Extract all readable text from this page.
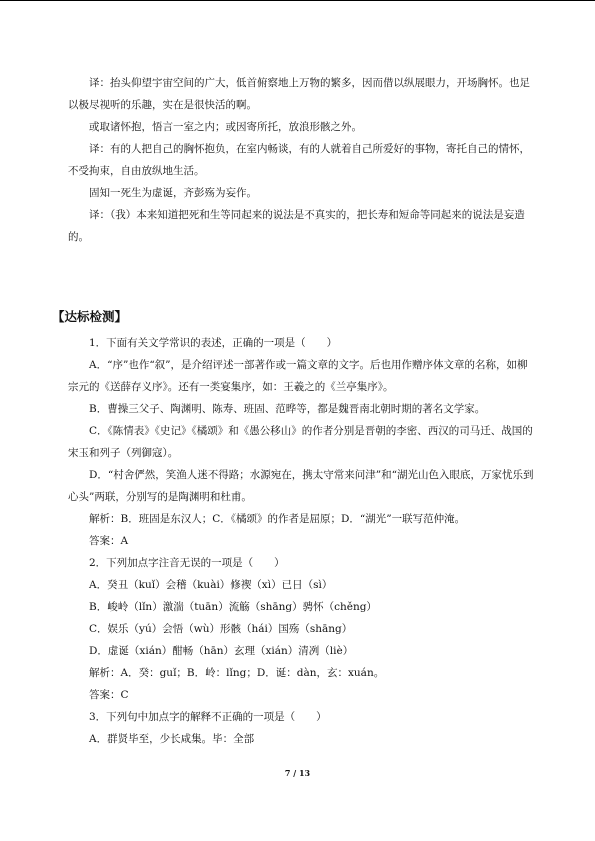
译：抬头仰望宇宙空间的广大，低首俯察地上万物的繁多，因而借以纵展眼力，开场胸怀。也足以极尽视听的乐趣，实在是很快活的啊。

或取诸怀抱，悟言一室之内；或因寄所托，放浪形骸之外。

译：有的人把自己的胸怀抱负，在室内畅谈，有的人就着自己所爱好的事物，寄托自己的情怀，不受拘束，自由放纵地生活。

固知一死生为虚诞，齐彭殇为妄作。

译：（我）本来知道把死和生等同起来的说法是不真实的，把长寿和短命等同起来的说法是妄造的。

【达标检测】

1．下面有关文学常识的表述，正确的一项是（　　）

A．“序”也作“叙”，是介绍评述一部著作或一篇文章的文字。后也用作赠序体文章的名称，如柳宗元的《送薛存义序》。还有一类宴集序，如：王羲之的《兰亭集序》。

B．曹操三父子、陶渊明、陈寿、班固、范晔等，都是魏晋南北朝时期的著名文学家。

C．《陈情表》《史记》《橘颂》和《愚公移山》的作者分别是晋朝的李密、西汉的司马迁、战国的宋玉和列子（列御寇）。

D．“村舍俨然，笑渔人迷不得路；水源宛在，携太守常来问津”和“湖光山色入眼底，万家忧乐到心头”两联，分别写的是陶渊明和杜甫。

解析：B．班固是东汉人；C．《橘颂》的作者是屈原；D．“湖光”一联写范仲淹。

答案：A

2．下列加点字注音无误的一项是（　　）

A．癸丑（kuǐ）会稽（kuài）修禊（xì）已日（sì）

B．峻岭（lǐn）激湍（tuān）流觞（shāng）骋怀（chěng）

C．娱乐（yú）会悟（wù）形骸（hái）国殇（shāng）

D．虚诞（xián）酣畅（hān）玄理（xián）清冽（liè）

解析：A．癸：guǐ；B．岭：lǐng；D．诞：dàn，玄：xuán。

答案：C

3．下列句中加点字的解释不正确的一项是（　　）

A．群贤毕至，少长咸集。毕：全部

7 / 13
